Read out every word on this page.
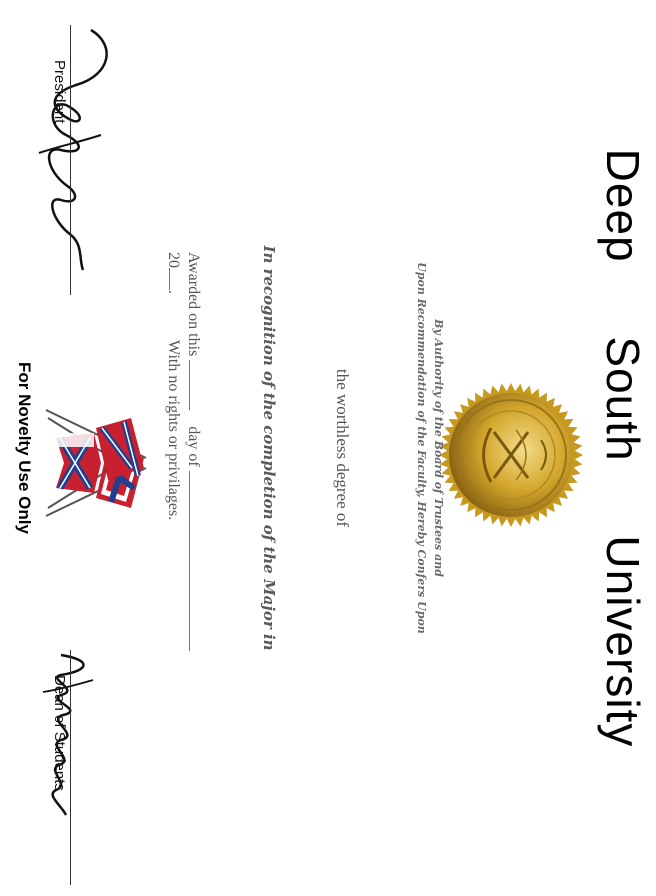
Deep South University
By Authority of the Board of Trustees and
Upon Recommendation of the Faculty, Hereby Confers Upon
the worthless degree of
In recognition of the completion of the Major in
Awarded on this  day of
20. With no rights or privilages.
President
Dean of Students
For Novelty Use Only
